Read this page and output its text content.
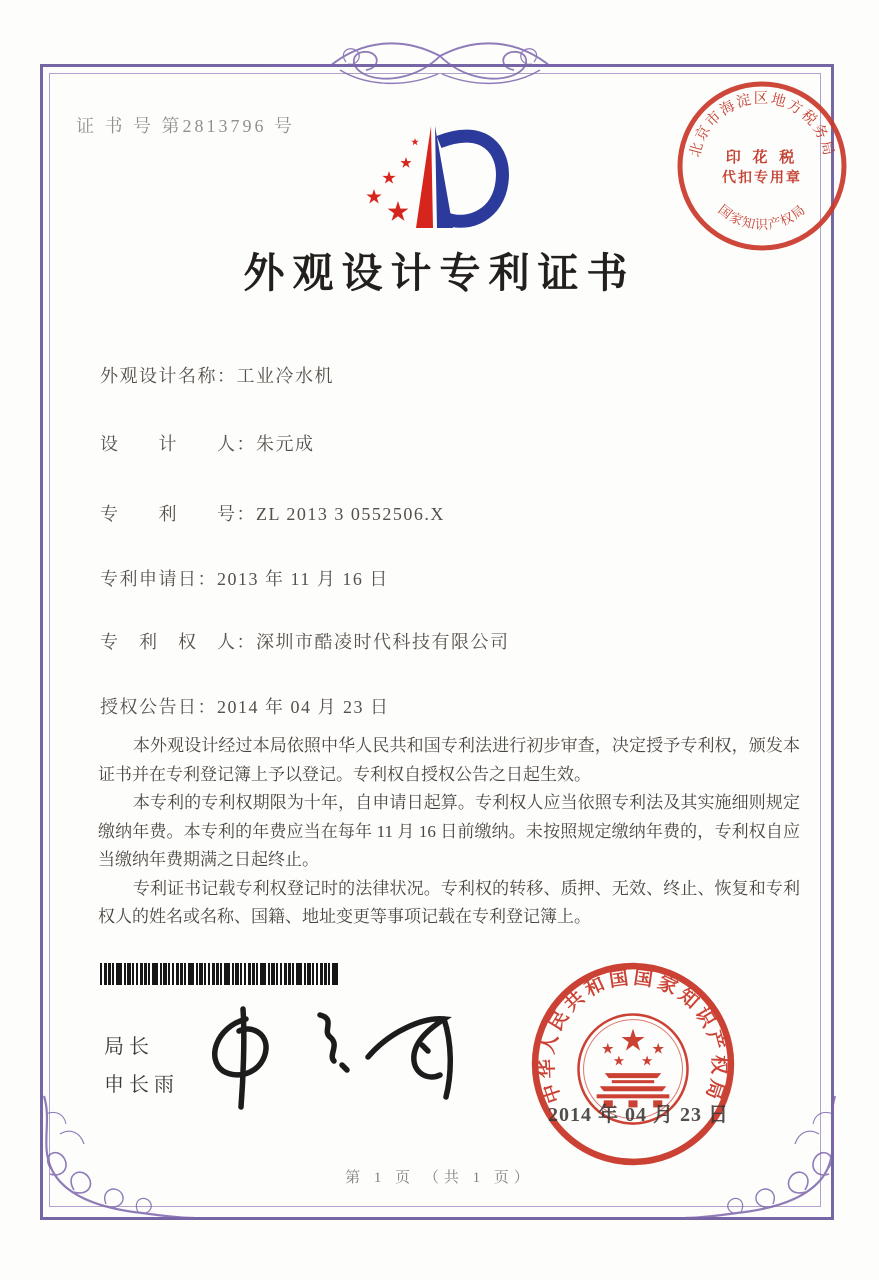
证 书 号 第2813796 号
北京市海淀区地方税务局
国家知识产权局
印 花 税
代扣专用章
外观设计专利证书
外观设计名称：工业冷水机
设　　计　　人：朱元成
专　　利　　号：ZL 2013 3 0552506.X
专利申请日：2013 年 11 月 16 日
专　利　权　人：深圳市酷凌时代科技有限公司
授权公告日：2014 年 04 月 23 日

本外观设计经过本局依照中华人民共和国专利法进行初步审查，决定授予专利权，颁发本证书并在专利登记簿上予以登记。专利权自授权公告之日起生效。

本专利的专利权期限为十年，自申请日起算。专利权人应当依照专利法及其实施细则规定缴纳年费。本专利的年费应当在每年 11 月 16 日前缴纳。未按照规定缴纳年费的，专利权自应当缴纳年费期满之日起终止。

专利证书记载专利权登记时的法律状况。专利权的转移、质押、无效、终止、恢复和专利权人的姓名或名称、国籍、地址变更等事项记载在专利登记簿上。

局长
申长雨	中华人民共和国国家知识产权局
2014 年 04 月 23 日
第 1 页 （共 1 页）
